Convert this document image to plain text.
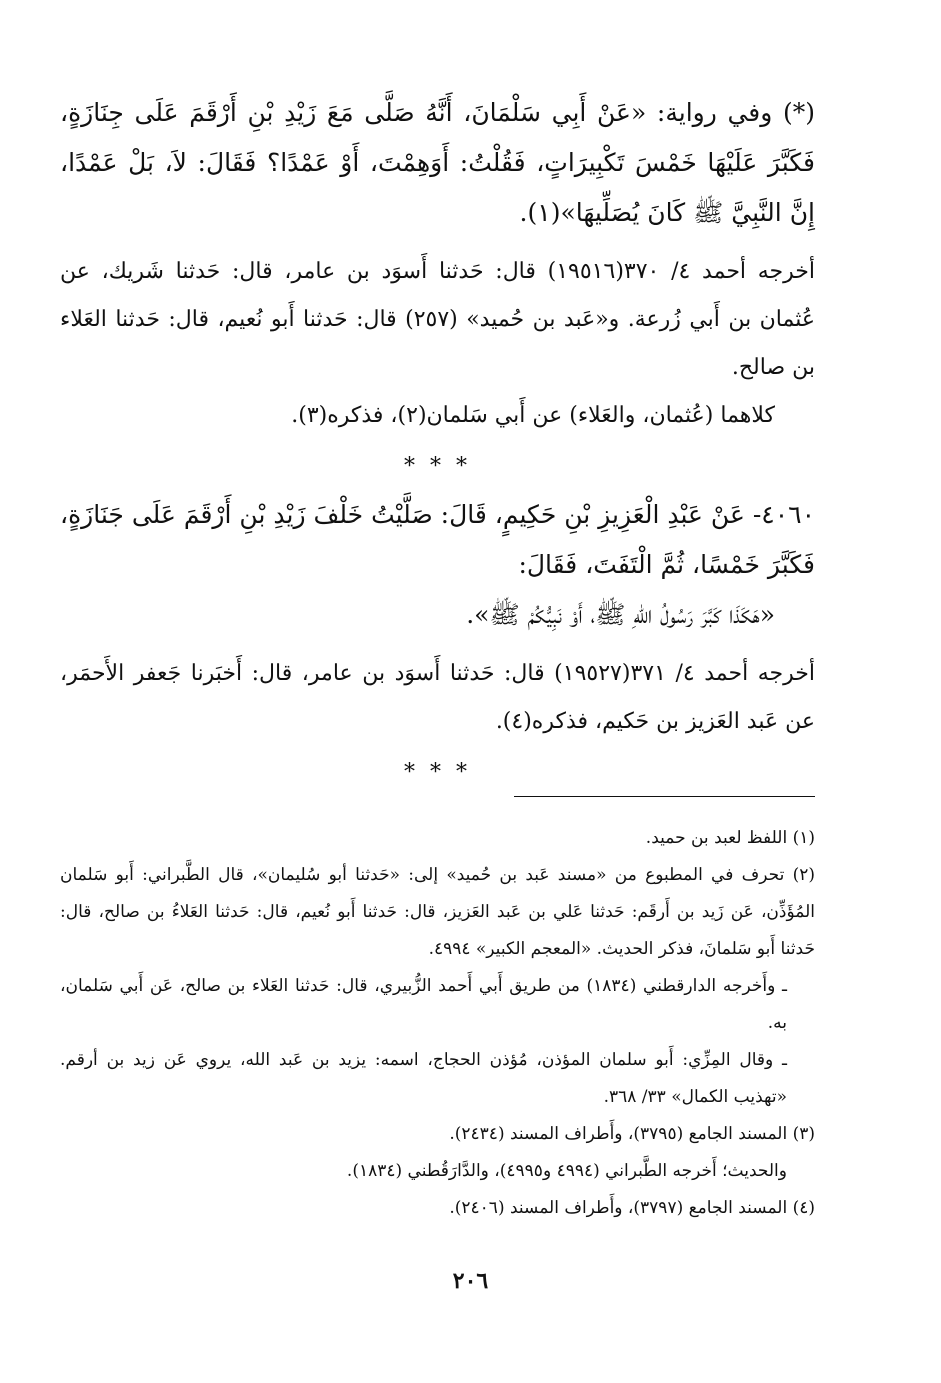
(*) وفي رواية: «عَنْ أَبِي سَلْمَانَ، أَنَّهُ صَلَّى مَعَ زَيْدِ بْنِ أَرْقَمَ عَلَى جِنَازَةٍ، فَكَبَّرَ عَلَيْهَا خَمْسَ تَكْبِيرَاتٍ، فَقُلْتُ: أَوَهِمْتَ، أَوْ عَمْدًا؟ فَقَالَ: لاَ، بَلْ عَمْدًا، إِنَّ النَّبِيَّ ﷺ كَانَ يُصَلِّيهَا»(١).

أخرجه أحمد ٤/ ٣٧٠(١٩٥١٦) قال: حَدثنا أَسوَد بن عامر، قال: حَدثنا شَريك، عن عُثمان بن أَبي زُرعة. و«عَبد بن حُميد» (٢٥٧) قال: حَدثنا أَبو نُعيم، قال: حَدثنا العَلاء بن صالح.

كلاهما (عُثمان، والعَلاء) عن أَبي سَلمان(٢)، فذكره(٣).

* * *

٤٠٦٠- عَنْ عَبْدِ الْعَزِيزِ بْنِ حَكِيمٍ، قَالَ: صَلَّيْتُ خَلْفَ زَيْدِ بْنِ أَرْقَمَ عَلَى جَنَازَةٍ، فَكَبَّرَ خَمْسًا، ثُمَّ الْتَفَتَ، فَقَالَ:

«هَكَذَا كَبَّرَ رَسُولُ اللهِ ﷺ، أَوْ نَبِيُّكُمْ ﷺ».

أخرجه أحمد ٤/ ٣٧١(١٩٥٢٧) قال: حَدثنا أَسوَد بن عامر، قال: أَخبَرنا جَعفر الأَحمَر، عن عَبد العَزيز بن حَكيم، فذكره(٤).

* * *

(١) اللفظ لعبد بن حميد.

(٢) تحرف في المطبوع من «مسند عَبد بن حُميد» إلى: «حَدثنا أبو سُليمان»، قال الطَّبراني: أَبو سَلمان المُؤَذِّن، عَن زَيد بن أَرقَم: حَدثنا عَلي بن عَبد العَزيز، قال: حَدثنا أَبو نُعيم، قال: حَدثنا العَلاءُ بن صالح، قال: حَدثنا أَبو سَلمانَ، فذكر الحديث. «المعجم الكبير» ٤٩٩٤.

ـ وأَخرجه الدارقطني (١٨٣٤) من طريق أَبي أَحمد الزُّبيري، قال: حَدثنا العَلاء بن صالح، عَن أَبي سَلمان، به.

ـ وقال المِزِّي: أَبو سلمان المؤذن، مُؤذن الحجاج، اسمه: يزيد بن عَبد الله، يروي عَن زيد بن أرقم. «تهذيب الكمال» ٣٣/ ٣٦٨.

(٣) المسند الجامع (٣٧٩٥)، وأَطراف المسند (٢٤٣٤).

والحديث؛ أَخرجه الطَّبراني (٤٩٩٤ و٤٩٩٥)، والدَّارَقُطني (١٨٣٤).

(٤) المسند الجامع (٣٧٩٧)، وأَطراف المسند (٢٤٠٦).

٢٠٦
